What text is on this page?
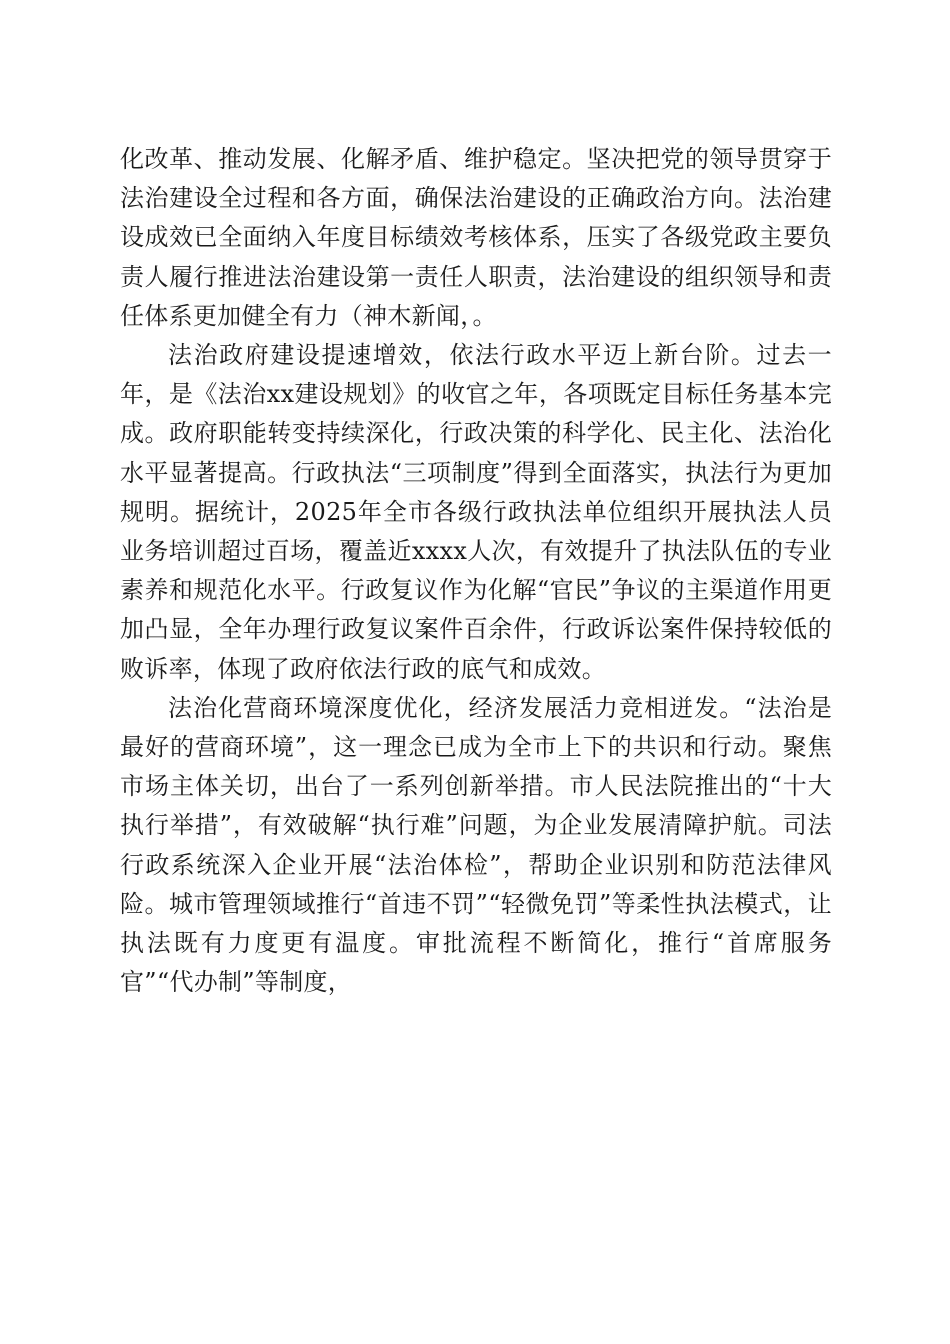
化改革、推动发展、化解矛盾、维护稳定。坚决把党的领导贯穿于法治建设全过程和各方面，确保法治建设的正确政治方向。法治建设成效已全面纳入年度目标绩效考核体系，压实了各级党政主要负责人履行推进法治建设第一责任人职责，法治建设的组织领导和责任体系更加健全有力（神木新闻，。

法治政府建设提速增效，依法行政水平迈上新台阶。过去一年，是《法治xx建设规划》的收官之年，各项既定目标任务基本完成。政府职能转变持续深化，行政决策的科学化、民主化、法治化水平显著提高。行政执法“三项制度”得到全面落实，执法行为更加规明。据统计，2025年全市各级行政执法单位组织开展执法人员业务培训超过百场，覆盖近xxxx人次，有效提升了执法队伍的专业素养和规范化水平。行政复议作为化解“官民”争议的主渠道作用更加凸显，全年办理行政复议案件百余件，行政诉讼案件保持较低的败诉率，体现了政府依法行政的底气和成效。

法治化营商环境深度优化，经济发展活力竞相迸发。“法治是最好的营商环境”，这一理念已成为全市上下的共识和行动。聚焦市场主体关切，出台了一系列创新举措。市人民法院推出的“十大执行举措”，有效破解“执行难”问题，为企业发展清障护航。司法行政系统深入企业开展“法治体检”，帮助企业识别和防范法律风险。城市管理领域推行“首违不罚”“轻微免罚”等柔性执法模式，让执法既有力度更有温度。审批流程不断简化，推行“首席服务官”“代办制”等制度，
